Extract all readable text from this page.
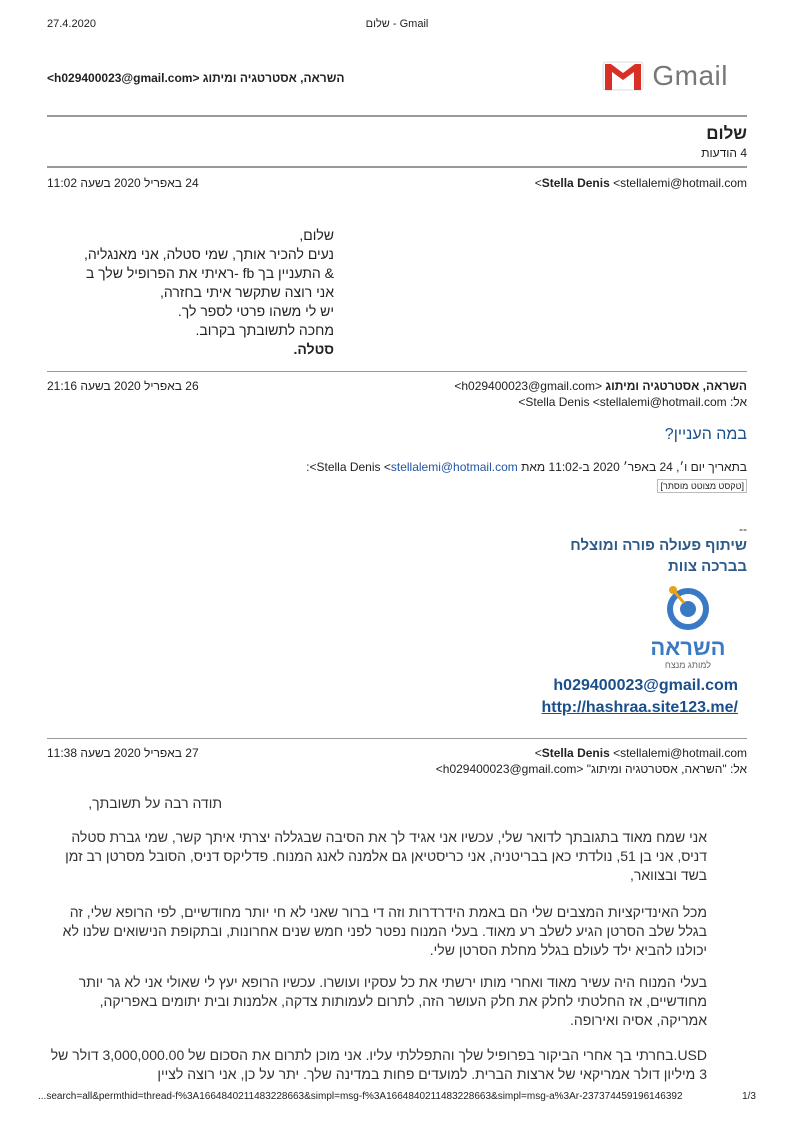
27.4.2020	שלום - Gmail
השראה, אסטרטגיה ומיתוג <h029400023@gmail.com>	Gmail
שלום
4 הודעות
24 באפריל 2020 בשעה 11:02	Stella Denis <stellalemi@hotmail.com>
שלום,
נעים להכיר אותך, שמי סטלה, אני מאנגליה,
& התעניין בך fb -ראיתי את הפרופיל שלך ב
אני רוצה שתקשר איתי בחזרה,
יש לי משהו פרטי לספר לך.
מחכה לתשובתך בקרוב.
סטלה.
26 באפריל 2020 בשעה 21:16	השראה, אסטרטגיה ומיתוג <h029400023@gmail.com>
אל: Stella Denis <stellalemi@hotmail.com>
במה העניין?
בתאריך יום ו׳, 24 באפר׳ 2020 ב-11:02 מאת Stella Denis <stellalemi@hotmail.com>:
[טקסט מצוטט מוסתר]
--
שיתוף פעולה פורה ומוצלח
בברכה צוות
השראה
למותג מנצח
h029400023@gmail.com
http://hashraa.site123.me/
27 באפריל 2020 בשעה 11:38	Stella Denis <stellalemi@hotmail.com>
אל: "השראה, אסטרטגיה ומיתוג" <h029400023@gmail.com>

תודה רבה על תשובתך,

אני שמח מאוד בתגובתך לדואר שלי, עכשיו אני אגיד לך את הסיבה שבגללה יצרתי איתך קשר, שמי גברת סטלה דניס, אני בן 51, נולדתי כאן בבריטניה, אני כריסטיאן גם אלמנה לאנג המנוח. פדליקס דניס, הסובל מסרטן רב זמן בשד ובצוואר,

מכל האינדיקציות המצבים שלי הם באמת הידרדרות וזה די ברור שאני לא חי יותר מחודשיים, לפי הרופא שלי, זה בגלל שלב הסרטן הגיע לשלב רע מאוד. בעלי המנוח נפטר לפני חמש שנים אחרונות, ובתקופת הנישואים שלנו לא יכולנו להביא ילד לעולם בגלל מחלת הסרטן שלי.

בעלי המנוח היה עשיר מאוד ואחרי מותו ירשתי את כל עסקיו ועושרו. עכשיו הרופא יעץ לי שאולי אני לא גר יותר מחודשיים, אז החלטתי לחלק את חלק העושר הזה, לתרום לעמותות צדקה, אלמנות ובית יתומים באפריקה, אמריקה, אסיה ואירופה.

USD.בחרתי בך אחרי הביקור בפרופיל שלך והתפללתי עליו. אני מוכן לתרום את הסכום של 3,000,000.00 דולר של 3 מיליון דולר אמריקאי של ארצות הברית. למועדים פחות במדינה שלך. יתר על כן, אני רוצה לציין

...search=all&permthid=thread-f%3A1664840211483228663&simpl=msg-f%3A1664840211483228663&simpl=msg-a%3Ar-237374459196146392	1/3
